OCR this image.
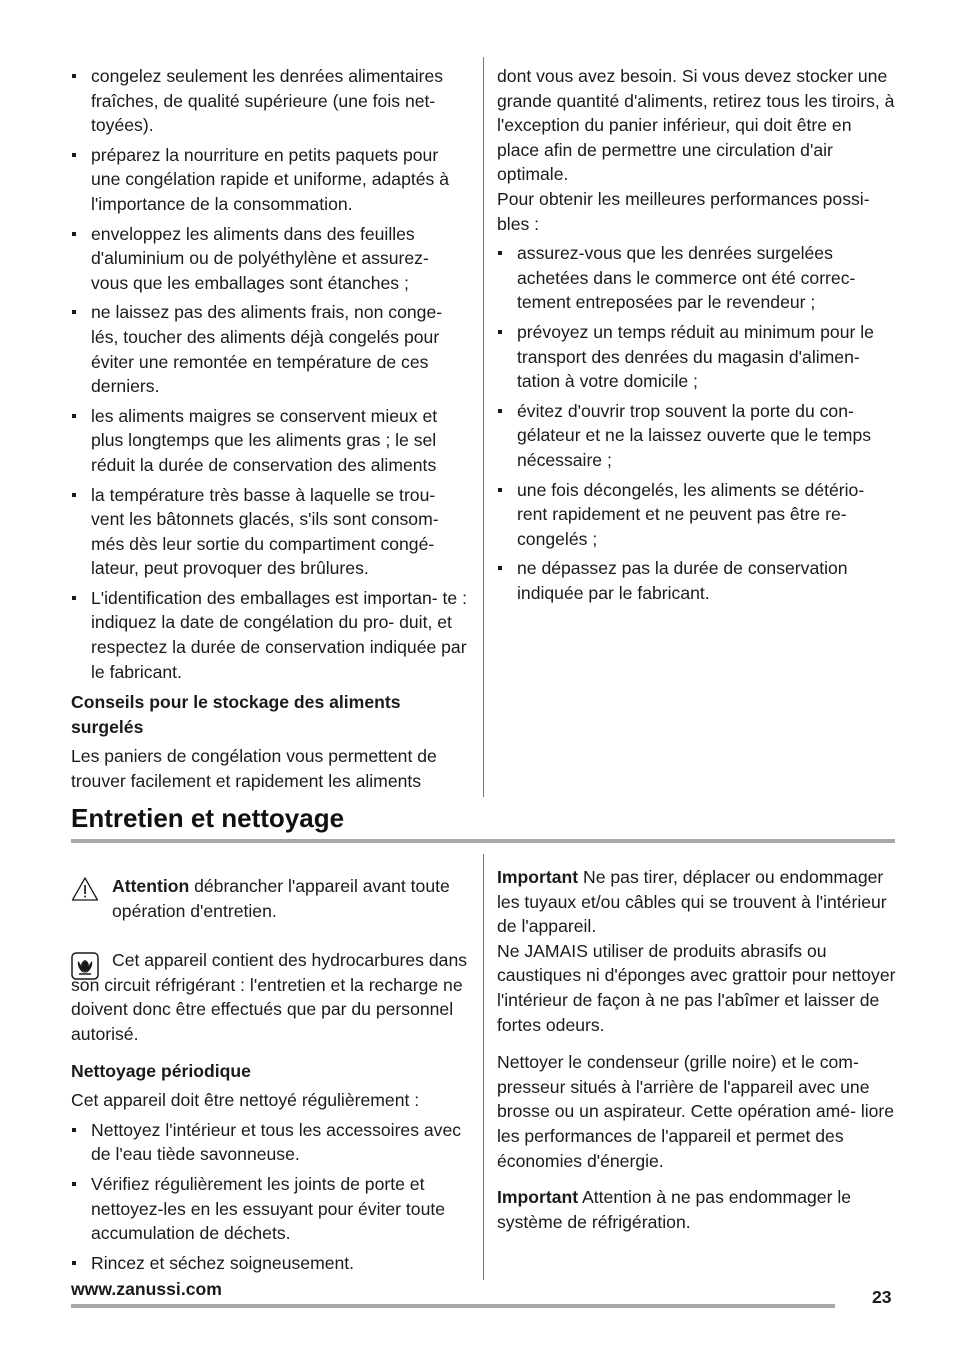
congelez seulement les denrées alimentaires fraîches, de qualité supérieure (une fois net- toyées).
préparez la nourriture en petits paquets pour une congélation rapide et uniforme, adaptés à l'importance de la consommation.
enveloppez les aliments dans des feuilles d'aluminium ou de polyéthylène et assurez- vous que les emballages sont étanches ;
ne laissez pas des aliments frais, non conge- lés, toucher des aliments déjà congelés pour éviter une remontée en température de ces derniers.
les aliments maigres se conservent mieux et plus longtemps que les aliments gras ; le sel réduit la durée de conservation des aliments
la température très basse à laquelle se trou- vent les bâtonnets glacés, s'ils sont consom- més dès leur sortie du compartiment congé- lateur, peut provoquer des brûlures.
L'identification des emballages est importan- te : indiquez la date de congélation du pro- duit, et respectez la durée de conservation indiquée par le fabricant.

Conseils pour le stockage des aliments surgelés

Les paniers de congélation vous permettent de trouver facilement et rapidement les aliments

dont vous avez besoin. Si vous devez stocker une grande quantité d'aliments, retirez tous les tiroirs, à l'exception du panier inférieur, qui doit être en place afin de permettre une circulation d'air optimale.

Pour obtenir les meilleures performances possi- bles :

assurez-vous que les denrées surgelées achetées dans le commerce ont été correc- tement entreposées par le revendeur ;
prévoyez un temps réduit au minimum pour le transport des denrées du magasin d'alimen- tation à votre domicile ;
évitez d'ouvrir trop souvent la porte du con- gélateur et ne la laissez ouverte que le temps nécessaire ;
une fois décongelés, les aliments se détério- rent rapidement et ne peuvent pas être re- congelés ;
ne dépassez pas la durée de conservation indiquée par le fabricant.
Entretien et nettoyage

Attention débrancher l'appareil avant toute opération d'entretien.

Cet appareil contient des hydrocarbures dans son circuit réfrigérant : l'entretien et la recharge ne doivent donc être effectués que par du personnel autorisé.

Nettoyage périodique

Cet appareil doit être nettoyé régulièrement :

Nettoyez l'intérieur et tous les accessoires avec de l'eau tiède savonneuse.
Vérifiez régulièrement les joints de porte et nettoyez-les en les essuyant pour éviter toute accumulation de déchets.
Rincez et séchez soigneusement.

Important Ne pas tirer, déplacer ou endommager les tuyaux et/ou câbles qui se trouvent à l'intérieur de l'appareil.

Ne JAMAIS utiliser de produits abrasifs ou caustiques ni d'éponges avec grattoir pour nettoyer l'intérieur de façon à ne pas l'abîmer et laisser de fortes odeurs.

Nettoyer le condenseur (grille noire) et le com- presseur situés à l'arrière de l'appareil avec une brosse ou un aspirateur. Cette opération amé- liore les performances de l'appareil et permet des économies d'énergie.

Important Attention à ne pas endommager le système de réfrigération.

www.zanussi.com	23
